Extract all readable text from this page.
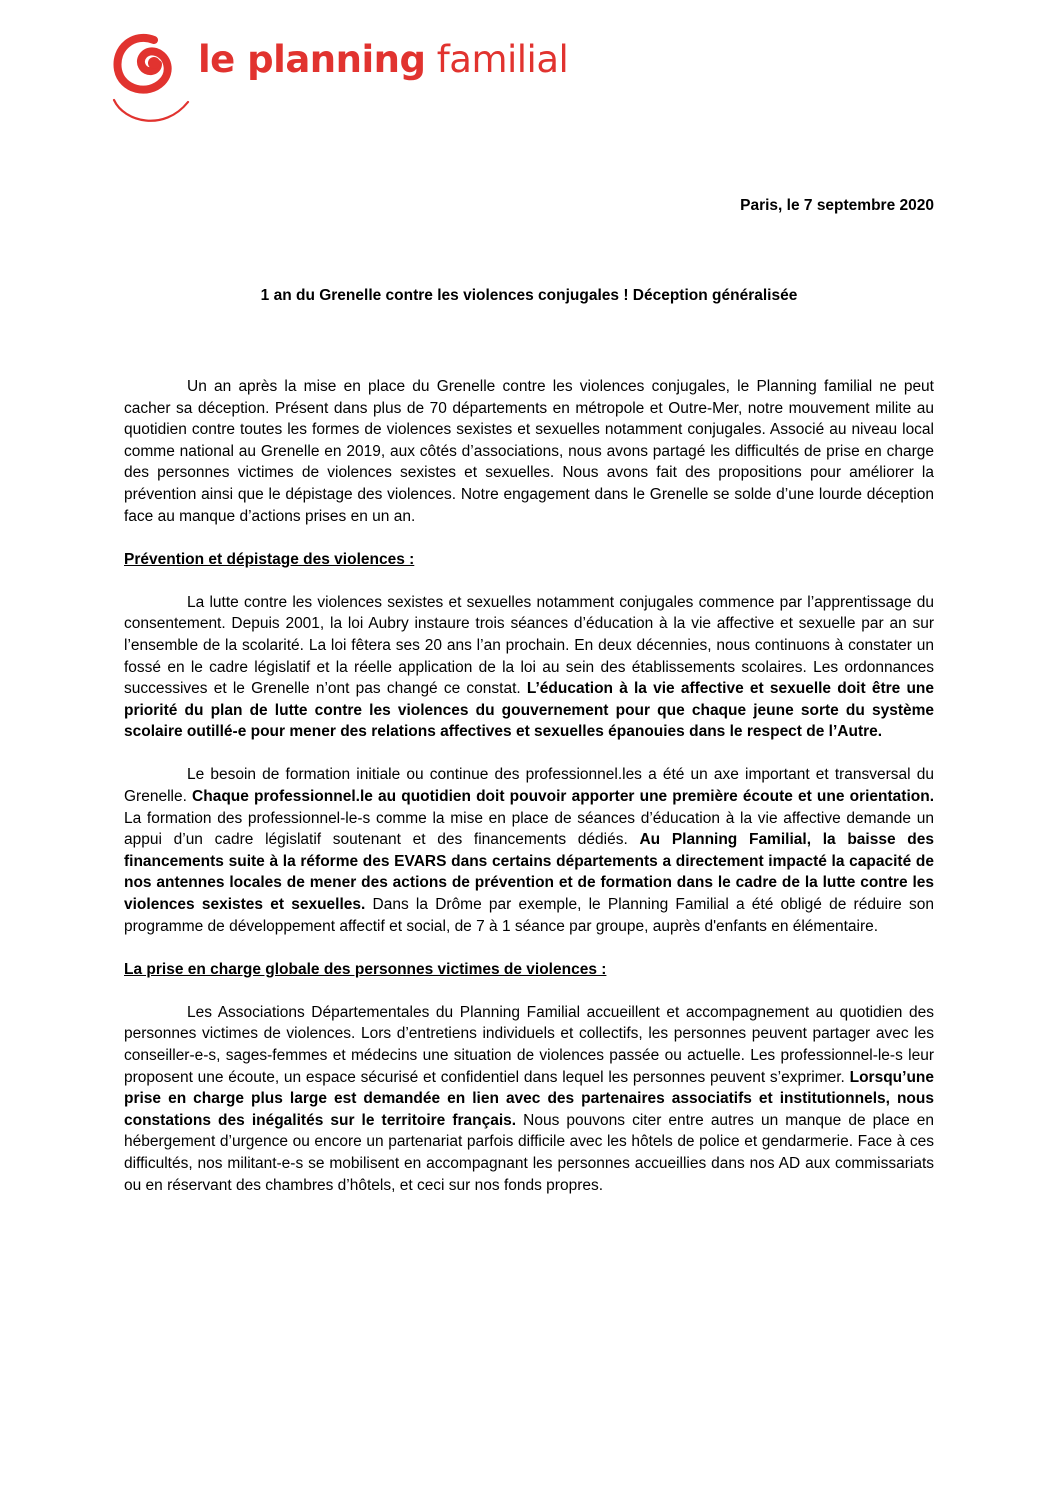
le planning familial
Paris, le 7 septembre 2020
1 an du Grenelle contre les violences conjugales ! Déception généralisée

Un an après la mise en place du Grenelle contre les violences conjugales, le Planning familial ne peut cacher sa déception. Présent dans plus de 70 départements en métropole et Outre-Mer, notre mouvement milite au quotidien contre toutes les formes de violences sexistes et sexuelles notamment conjugales. Associé au niveau local comme national au Grenelle en 2019, aux côtés d’associations, nous avons partagé les difficultés de prise en charge des personnes victimes de violences sexistes et sexuelles. Nous avons fait des propositions pour améliorer la prévention ainsi que le dépistage des violences. Notre engagement dans le Grenelle se solde d’une lourde déception face au manque d’actions prises en un an.

Prévention et dépistage des violences :

La lutte contre les violences sexistes et sexuelles notamment conjugales commence par l’apprentissage du consentement. Depuis 2001, la loi Aubry instaure trois séances d’éducation à la vie affective et sexuelle par an sur l’ensemble de la scolarité. La loi fêtera ses 20 ans l’an prochain. En deux décennies, nous continuons à constater un fossé en le cadre législatif et la réelle application de la loi au sein des établissements scolaires. Les ordonnances successives et le Grenelle n’ont pas changé ce constat. L’éducation à la vie affective et sexuelle doit être une priorité du plan de lutte contre les violences du gouvernement pour que chaque jeune sorte du système scolaire outillé-e pour mener des relations affectives et sexuelles épanouies dans le respect de l’Autre.

Le besoin de formation initiale ou continue des professionnel.les a été un axe important et transversal du Grenelle. Chaque professionnel.le au quotidien doit pouvoir apporter une première écoute et une orientation. La formation des professionnel-le-s comme la mise en place de séances d’éducation à la vie affective demande un appui d’un cadre législatif soutenant et des financements dédiés. Au Planning Familial, la baisse des financements suite à la réforme des EVARS dans certains départements a directement impacté la capacité de nos antennes locales de mener des actions de prévention et de formation dans le cadre de la lutte contre les violences sexistes et sexuelles. Dans la Drôme par exemple, le Planning Familial a été obligé de réduire son programme de développement affectif et social, de 7 à 1 séance par groupe, auprès d'enfants en élémentaire.

La prise en charge globale des personnes victimes de violences :

Les Associations Départementales du Planning Familial accueillent et accompagnement au quotidien des personnes victimes de violences. Lors d’entretiens individuels et collectifs, les personnes peuvent partager avec les conseiller-e-s, sages-femmes et médecins une situation de violences passée ou actuelle. Les professionnel-le-s leur proposent une écoute, un espace sécurisé et confidentiel dans lequel les personnes peuvent s’exprimer. Lorsqu’une prise en charge plus large est demandée en lien avec des partenaires associatifs et institutionnels, nous constations des inégalités sur le territoire français. Nous pouvons citer entre autres un manque de place en hébergement d’urgence ou encore un partenariat parfois difficile avec les hôtels de police et gendarmerie. Face à ces difficultés, nos militant-e-s se mobilisent en accompagnant les personnes accueillies dans nos AD aux commissariats ou en réservant des chambres d’hôtels, et ceci sur nos fonds propres.
